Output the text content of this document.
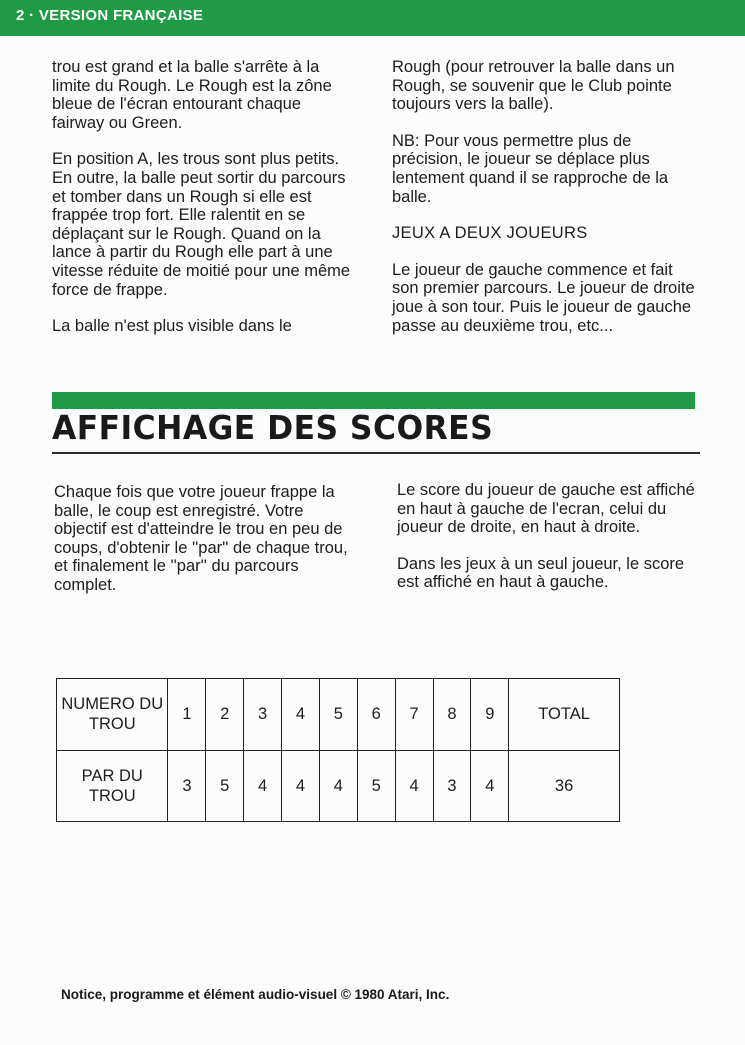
2 · VERSION FRANÇAISE

trou est grand et la balle s'arrête à la limite du Rough. Le Rough est la zône bleue de l'écran entourant chaque fairway ou Green.

En position A, les trous sont plus petits. En outre, la balle peut sortir du parcours et tomber dans un Rough si elle est frappée trop fort. Elle ralentit en se déplaçant sur le Rough. Quand on la lance à partir du Rough elle part à une vitesse réduite de moitié pour une même force de frappe.

La balle n'est plus visible dans le

Rough (pour retrouver la balle dans un Rough, se souvenir que le Club pointe toujours vers la balle).

NB: Pour vous permettre plus de précision, le joueur se déplace plus lentement quand il se rapproche de la balle.

JEUX A DEUX JOUEURS

Le joueur de gauche commence et fait son premier parcours. Le joueur de droite joue à son tour. Puis le joueur de gauche passe au deuxième trou, etc...

AFFICHAGE DES SCORES

Chaque fois que votre joueur frappe la balle, le coup est enregistré. Votre objectif est d'atteindre le trou en peu de coups, d'obtenir le ''par'' de chaque trou, et finalement le ''par'' du parcours complet.

Le score du joueur de gauche est affiché en haut à gauche de l'ecran, celui du joueur de droite, en haut à droite.

Dans les jeux à un seul joueur, le score est affiché en haut à gauche.

NUMERO DU TROU	1	2	3	4	5	6	7	8	9	TOTAL
PAR DU TROU	3	5	4	4	4	5	4	3	4	36
Notice, programme et élément audio-visuel © 1980 Atari, Inc.
